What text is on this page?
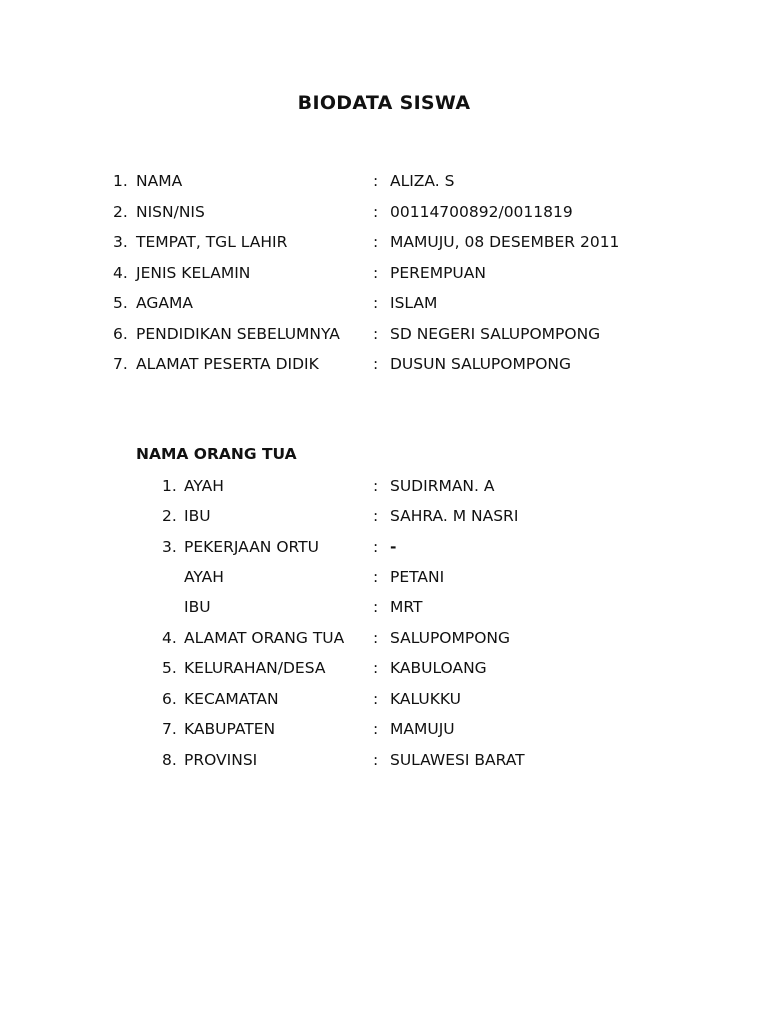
BIODATA SISWA
1. NAMA	: ALIZA. S
2. NISN/NIS	: 00114700892/0011819
3. TEMPAT, TGL LAHIR	: MAMUJU, 08 DESEMBER 2011
4. JENIS KELAMIN	: PEREMPUAN
5. AGAMA	: ISLAM
6. PENDIDIKAN SEBELUMNYA : SD NEGERI SALUPOMPONG
7. ALAMAT PESERTA DIDIK	: DUSUN SALUPOMPONG
NAMA ORANG TUA
1. AYAH	: SUDIRMAN. A
2. IBU	: SAHRA. M NASRI
3. PEKERJAAN ORTU	: -
AYAH	: PETANI
IBU	: MRT
4. ALAMAT ORANG TUA : SALUPOMPONG
5. KELURAHAN/DESA	: KABULOANG
6. KECAMATAN	: KALUKKU
7. KABUPATEN	: MAMUJU
8. PROVINSI	: SULAWESI BARAT
